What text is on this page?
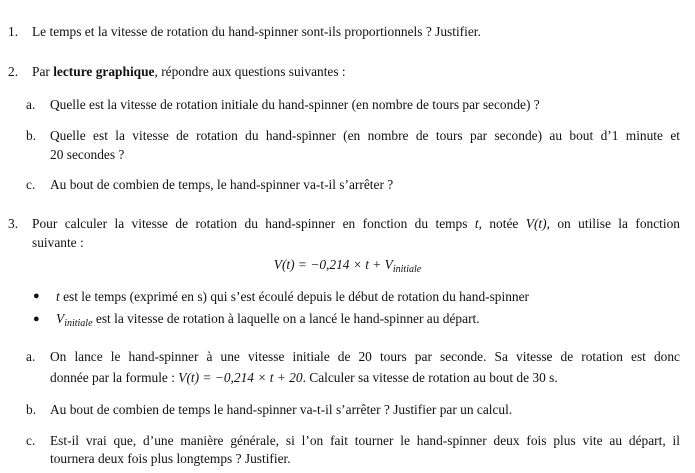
1. Le temps et la vitesse de rotation du hand-spinner sont-ils proportionnels ? Justifier.
2. Par lecture graphique, répondre aux questions suivantes :
a. Quelle est la vitesse de rotation initiale du hand-spinner (en nombre de tours par seconde) ?
b. Quelle est la vitesse de rotation du hand-spinner (en nombre de tours par seconde) au bout d’1 minute et
20 secondes ?
c. Au bout de combien de temps, le hand-spinner va-t-il s’arrêter ?
3. Pour calculer la vitesse de rotation du hand-spinner en fonction du temps t, notée V(t), on utilise la fonction
suivante :
$V(t) = -0,214 \times t + V_{initiale}$
● t est le temps (exprimé en s) qui s’est écoulé depuis le début de rotation du hand-spinner
● $V_{initiale}$ est la vitesse de rotation à laquelle on a lancé le hand-spinner au départ.
a. On lance le hand-spinner à une vitesse initiale de 20 tours par seconde. Sa vitesse de rotation est donc
donnée par la formule : V(t) = −0,214 × t + 20. Calculer sa vitesse de rotation au bout de 30 s.
b. Au bout de combien de temps le hand-spinner va-t-il s’arrêter ? Justifier par un calcul.
c. Est-il vrai que, d’une manière générale, si l’on fait tourner le hand-spinner deux fois plus vite au départ, il
tournera deux fois plus longtemps ? Justifier.
